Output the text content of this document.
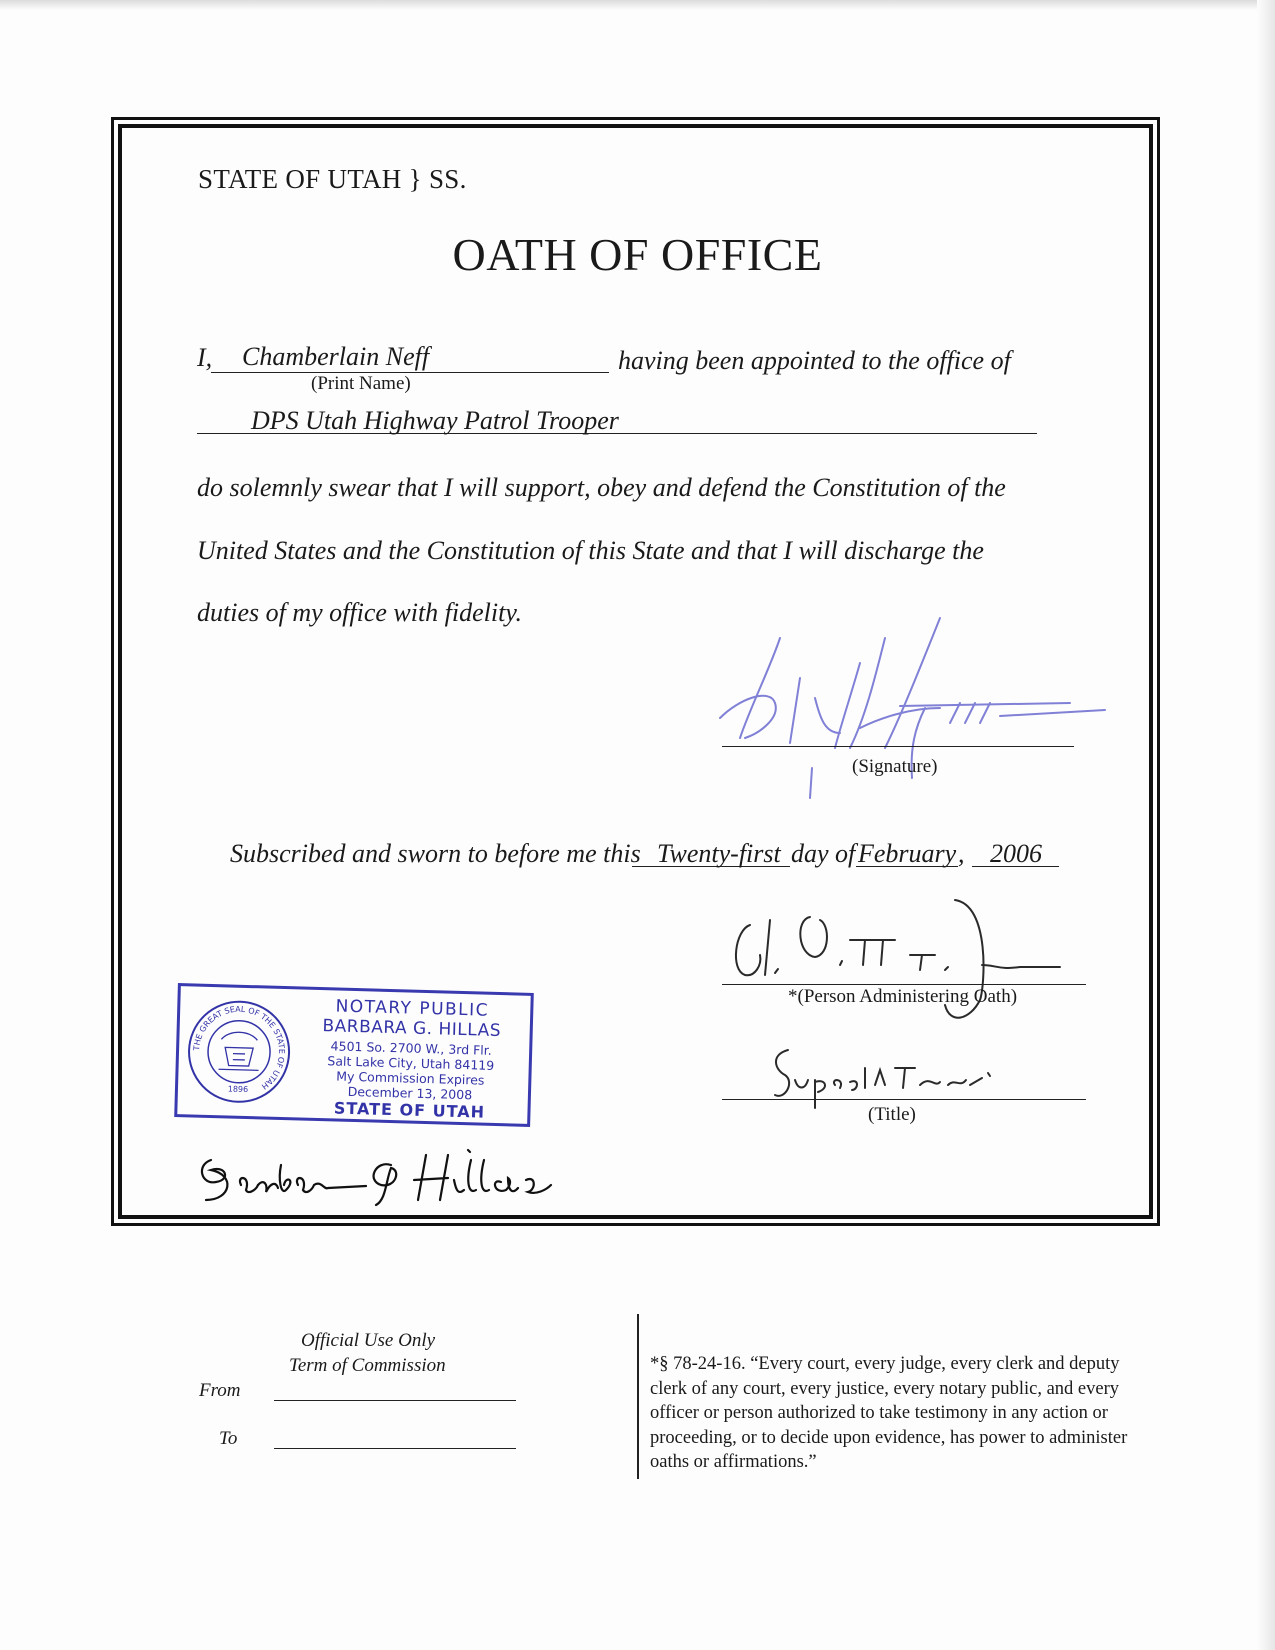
STATE OF UTAH } SS.
OATH OF OFFICE
I, Chamberlain Neff
(Print Name)
having been appointed to the office of
DPS Utah Highway Patrol Trooper
do solemnly swear that I will support, obey and defend the Constitution of the
United States and the Constitution of this State and that I will discharge the
duties of my office with fidelity.
(Signature)
Subscribed and sworn to before me this Twenty-first day of February , 2006
*(Person Administering Oath)
(Title)
THE GREAT SEAL OF THE STATE OF UTAH
1896
NOTARY PUBLIC
BARBARA G. HILLAS
4501 So. 2700 W., 3rd Flr.
Salt Lake City, Utah 84119
My Commission Expires
December 13, 2008
STATE OF UTAH
Official Use Only
Term of Commission
From
To
*§ 78-24-16. “Every court, every judge, every clerk and deputy clerk of any court, every justice, every notary public, and every officer or person authorized to take testimony in any action or proceeding, or to decide upon evidence, has power to administer oaths or affirmations.”
